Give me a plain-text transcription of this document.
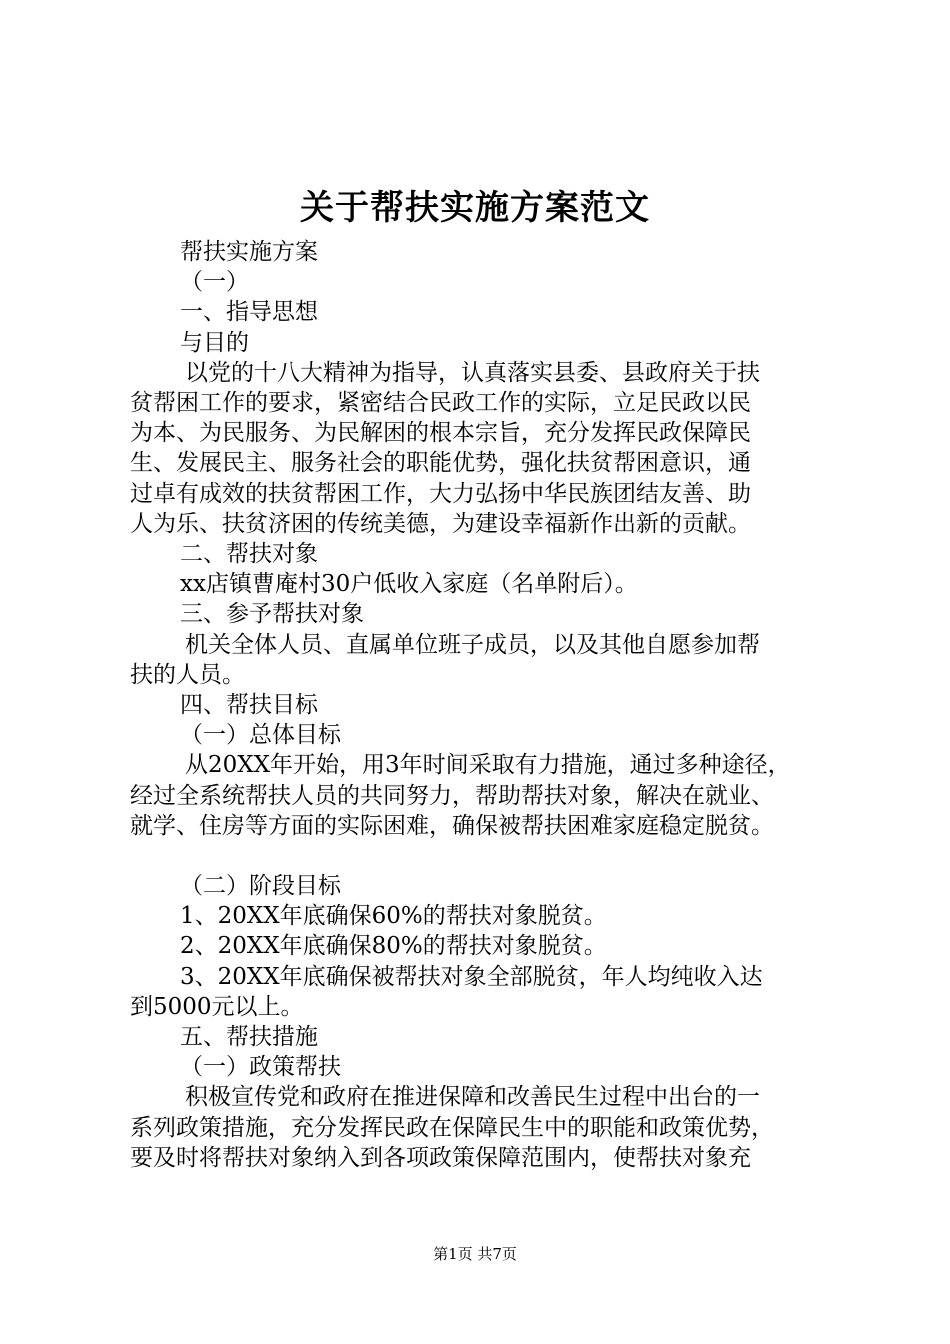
关于帮扶实施方案范文

帮扶实施方案

（一）

一、指导思想

与目的

以党的十八大精神为指导，认真落实县委、县政府关于扶

贫帮困工作的要求，紧密结合民政工作的实际，立足民政以民

为本、为民服务、为民解困的根本宗旨，充分发挥民政保障民

生、发展民主、服务社会的职能优势，强化扶贫帮困意识，通

过卓有成效的扶贫帮困工作，大力弘扬中华民族团结友善、助

人为乐、扶贫济困的传统美德，为建设幸福新作出新的贡献。

二、帮扶对象

xx店镇曹庵村30户低收入家庭（名单附后）。

三、参予帮扶对象

机关全体人员、直属单位班子成员，以及其他自愿参加帮

扶的人员。

四、帮扶目标

（一）总体目标

从20XX年开始，用3年时间采取有力措施，通过多种途径，

经过全系统帮扶人员的共同努力，帮助帮扶对象，解决在就业、

就学、住房等方面的实际困难，确保被帮扶困难家庭稳定脱贫。

（二）阶段目标

1、20XX年底确保60%的帮扶对象脱贫。

2、20XX年底确保80%的帮扶对象脱贫。

3、20XX年底确保被帮扶对象全部脱贫，年人均纯收入达

到5000元以上。

五、帮扶措施

（一）政策帮扶

积极宣传党和政府在推进保障和改善民生过程中出台的一

系列政策措施，充分发挥民政在保障民生中的职能和政策优势，

要及时将帮扶对象纳入到各项政策保障范围内，使帮扶对象充

第1页 共7页
